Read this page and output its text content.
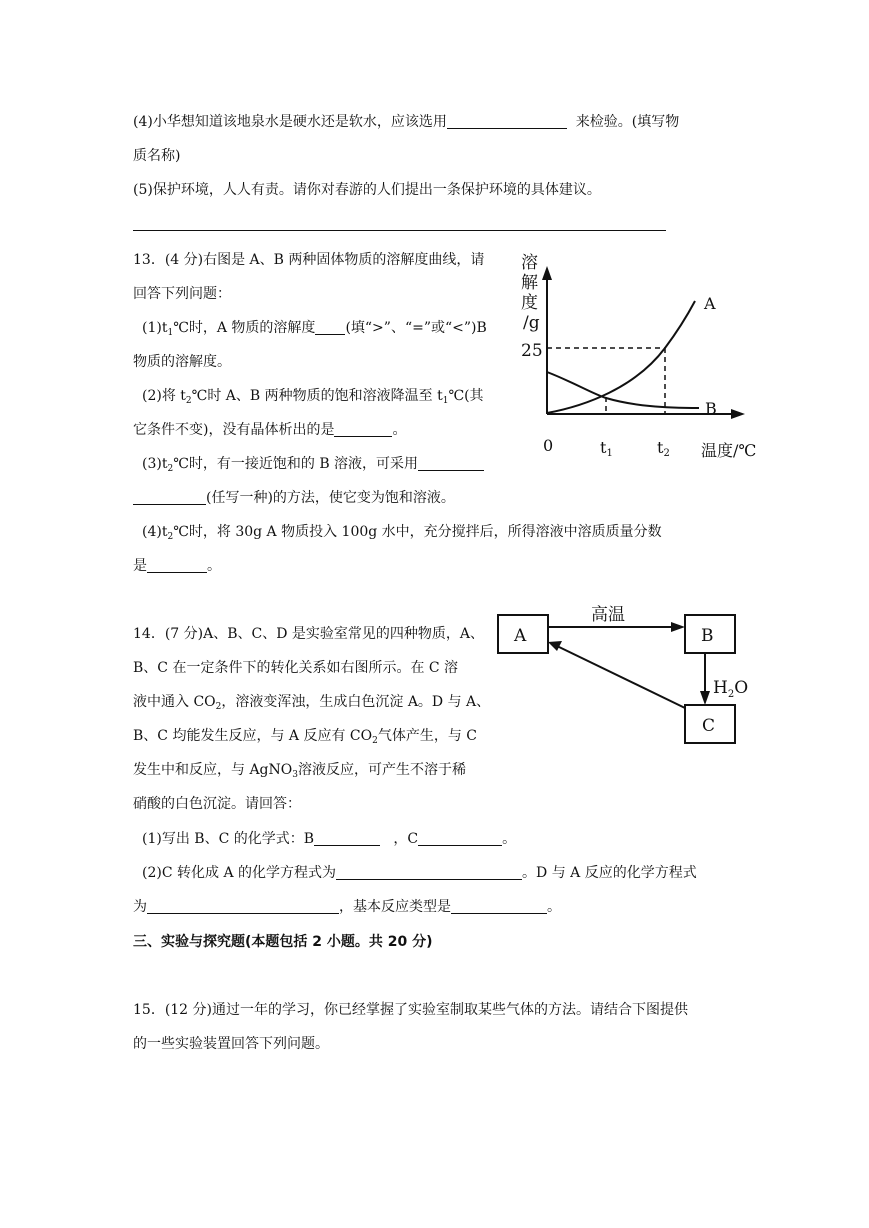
(4)小华想知道该地泉水是硬水还是软水，应该选用	来检验。(填写物
质名称)
(5)保护环境，人人有责。请你对春游的人们提出一条保护环境的具体建议。
13．(4 分)右图是 A、B 两种固体物质的溶解度曲线，请
回答下列问题：
$(1)t_1℃$时，A 物质的溶解度 (填“>”、“=”或“<”)B
物质的溶解度。
(2)将 $t_2℃$时 A、B 两种物质的饱和溶液降温至 $t_1℃$(其
它条件不变)，没有晶体析出的是	。
$(3)t_2℃$时，有一接近饱和的 B 溶液，可采用
(任写一种)的方法，使它变为饱和溶液。
$(4)t_2℃$时，将 30g A 物质投入 100g 水中，充分搅拌后，所得溶液中溶质质量分数
是	。
溶
解
度
/g
25
0	t1	t2 温度/℃
A
B
14．(7 分)A、B、C、D 是实验室常见的四种物质，A、
B、C 在一定条件下的转化关系如右图所示。在 C 溶
液中通入 $CO_2$，溶液变浑浊，生成白色沉淀 A。D 与 A、
B、C 均能发生反应，与 A 反应有 $CO_2$气体产生，与 C
发生中和反应，与 AgNO$_3$溶液反应，可产生不溶于稀
硝酸的白色沉淀。请回答：
(1)写出 B、C 的化学式：B	，C	。
(2)C 转化成 A 的化学方程式为	。D 与 A 反应的化学方程式
为	，基本反应类型是	。
A	B
C
高温
$H_2O$
三、实验与探究题(本题包括 2 小题。共 20 分)
15．(12 分)通过一年的学习，你已经掌握了实验室制取某些气体的方法。请结合下图提供
的一些实验装置回答下列问题。
